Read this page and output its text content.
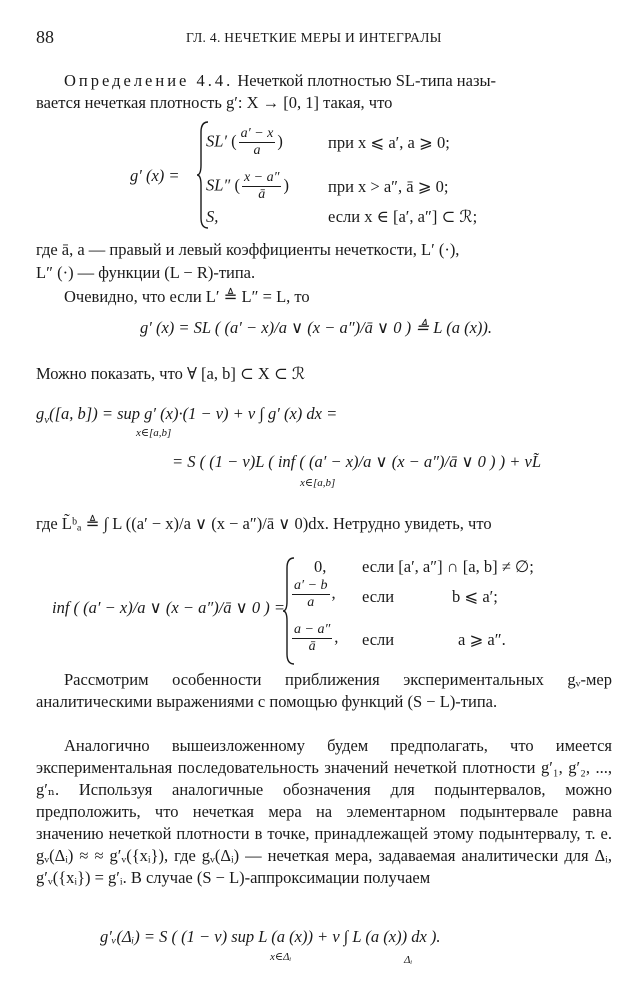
88	ГЛ. 4. НЕЧЕТКИЕ МЕРЫ И ИНТЕГРАЛЫ
Определение 4.4. Нечеткой плотностью SL-типа назы-
вается нечеткая плотность g′: X → [0, 1] такая, что
g′ (x) =
SL′ ( $\frac{a' - x}{a}$ )	при x ⩽ a′, a ⩾ 0;
SL″ ( $\frac{x - a''}{ā}$ ) при x > a″, ā ⩾ 0;
S,	если x ∈ [a′, a″] ⊂ ℛ;
где ā, a — правый и левый коэффициенты нечеткости, L′ (·),
L″ (·) — функции (L − R)-типа.
Очевидно, что если L′ ≜ L″ = L, то
g′ (x) = SL ( (a′ − x)/a ∨ (x − a″)/ā ∨ 0 ) ≜ L (a (x)).
Можно показать, что ∀ [a, b] ⊂ X ⊂ ℛ
$g_v([a$, b]) = sup g′ (x)·(1 − v) + v ∫ g′ (x) dx =
x∈[a,b]
= S ( (1 − v)L ( inf ( (a′ − x)/a ∨ (x − a″)/ā ∨ 0 ) ) + vL̃
x∈[a,b]
где L̃ᵇₐ ≜ ∫ L ((a′ − x)/a ∨ (x − a″)/ā ∨ 0)dx. Нетрудно увидеть, что
inf ( (a′ − x)/a ∨ (x − a″)/ā ∨ 0 ) =
0, если [a′, a″] ∩ [a, b] ≠ ∅;
$\frac{a' - b}{a}$ , если	b ⩽ a′;
$\frac{a - a''}{ā}$ , если	a ⩾ a″.
Рассмотрим особенности приближения экспериментальных gᵥ-мер аналитическими выражениями с помощью функций (S − L)-типа.
Аналогично вышеизложенному будем предполагать, что имеется экспериментальная последовательность значений нечеткой плотности g′₁, g′₂, ..., g′ₙ. Используя аналогичные обозначения для подынтервалов, можно предположить, что нечеткая мера на элементарном подынтервале равна значению нечеткой плотности в точке, принадлежащей этому подынтервалу, т. е. gᵥ(Δᵢ) ≈ ≈ g′ᵥ({xᵢ}), где gᵥ(Δᵢ) — нечеткая мера, задаваемая аналитически для Δᵢ, g′ᵥ({xᵢ}) = g′ᵢ. В случае (S − L)-аппроксимации получаем
g′ᵥ(Δᵢ) = S ( (1 − v) sup L (a (x)) + v ∫ L (a (x)) dx ).
x∈Δᵢ	Δᵢ
